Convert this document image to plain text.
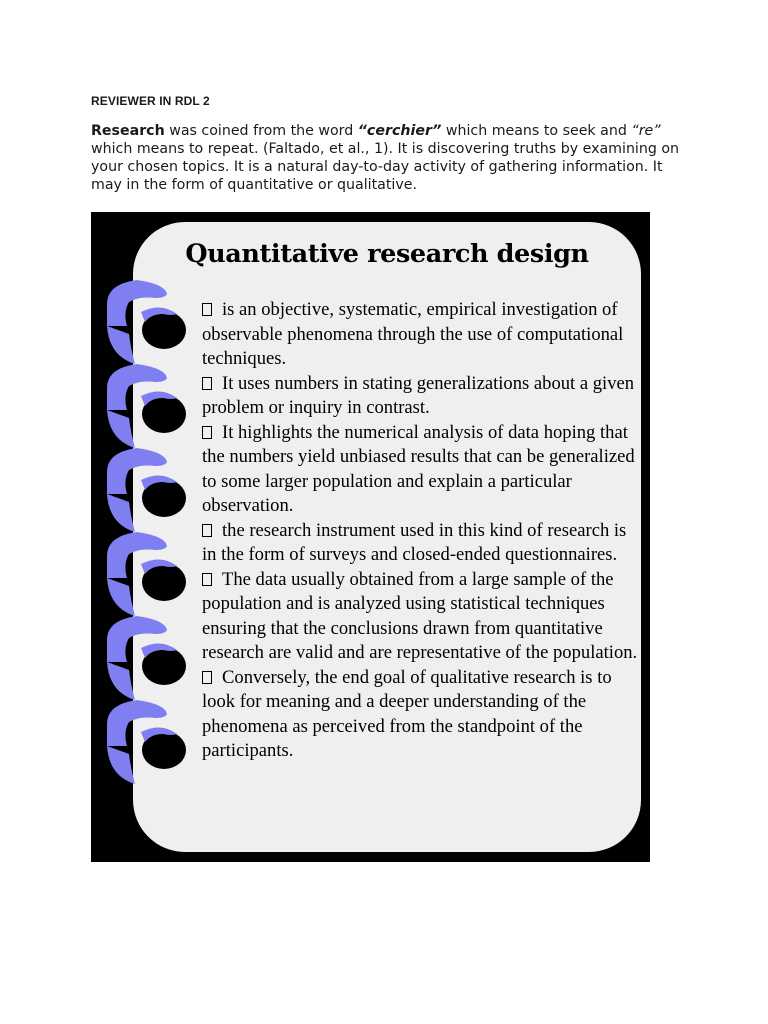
REVIEWER IN RDL 2

Research was coined from the word “cerchier” which means to seek and “re” which means to repeat. (Faltado, et al., 1). It is discovering truths by examining on your chosen topics. It is a natural day-to-day activity of gathering information. It may in the form of quantitative or qualitative.

Quantitative research design

is an objective, systematic, empirical investigation of observable phenomena through the use of computational techniques.

It uses numbers in stating generalizations about a given problem or inquiry in contrast.

It highlights the numerical analysis of data hoping that the numbers yield unbiased results that can be generalized to some larger population and explain a particular observation.

the research instrument used in this kind of research is in the form of surveys and closed-ended questionnaires.

The data usually obtained from a large sample of the population and is analyzed using statistical techniques ensuring that the conclusions drawn from quantitative research are valid and are representative of the population.

Conversely, the end goal of qualitative research is to look for meaning and a deeper understanding of the phenomena as perceived from the standpoint of the participants.
